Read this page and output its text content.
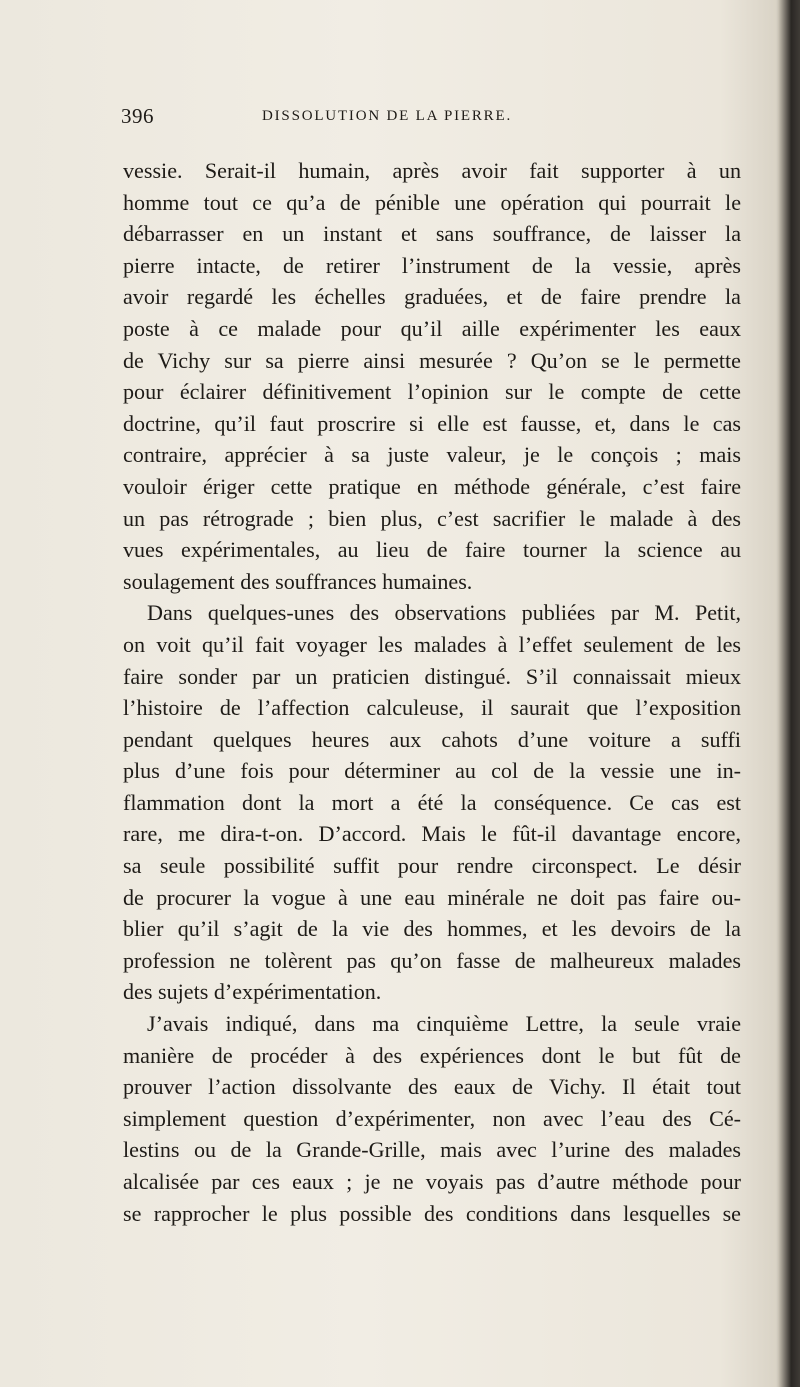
396	DISSOLUTION DE LA PIERRE.
vessie. Serait-il humain, après avoir fait supporter à un
homme tout ce qu’a de pénible une opération qui pourrait le
débarrasser en un instant et sans souffrance, de laisser la
pierre intacte, de retirer l’instrument de la vessie, après
avoir regardé les échelles graduées, et de faire prendre la
poste à ce malade pour qu’il aille expérimenter les eaux
de Vichy sur sa pierre ainsi mesurée ? Qu’on se le permette
pour éclairer définitivement l’opinion sur le compte de cette
doctrine, qu’il faut proscrire si elle est fausse, et, dans le cas
contraire, apprécier à sa juste valeur, je le conçois ; mais
vouloir ériger cette pratique en méthode générale, c’est faire
un pas rétrograde ; bien plus, c’est sacrifier le malade à des
vues expérimentales, au lieu de faire tourner la science au
soulagement des souffrances humaines.
Dans quelques-unes des observations publiées par M. Petit,
on voit qu’il fait voyager les malades à l’effet seulement de les
faire sonder par un praticien distingué. S’il connaissait mieux
l’histoire de l’affection calculeuse, il saurait que l’exposition
pendant quelques heures aux cahots d’une voiture a suffi
plus d’une fois pour déterminer au col de la vessie une in-
flammation dont la mort a été la conséquence. Ce cas est
rare, me dira-t-on. D’accord. Mais le fût-il davantage encore,
sa seule possibilité suffit pour rendre circonspect. Le désir
de procurer la vogue à une eau minérale ne doit pas faire ou-
blier qu’il s’agit de la vie des hommes, et les devoirs de la
profession ne tolèrent pas qu’on fasse de malheureux malades
des sujets d’expérimentation.
J’avais indiqué, dans ma cinquième Lettre, la seule vraie
manière de procéder à des expériences dont le but fût de
prouver l’action dissolvante des eaux de Vichy. Il était tout
simplement question d’expérimenter, non avec l’eau des Cé-
lestins ou de la Grande-Grille, mais avec l’urine des malades
alcalisée par ces eaux ; je ne voyais pas d’autre méthode pour
se rapprocher le plus possible des conditions dans lesquelles se
